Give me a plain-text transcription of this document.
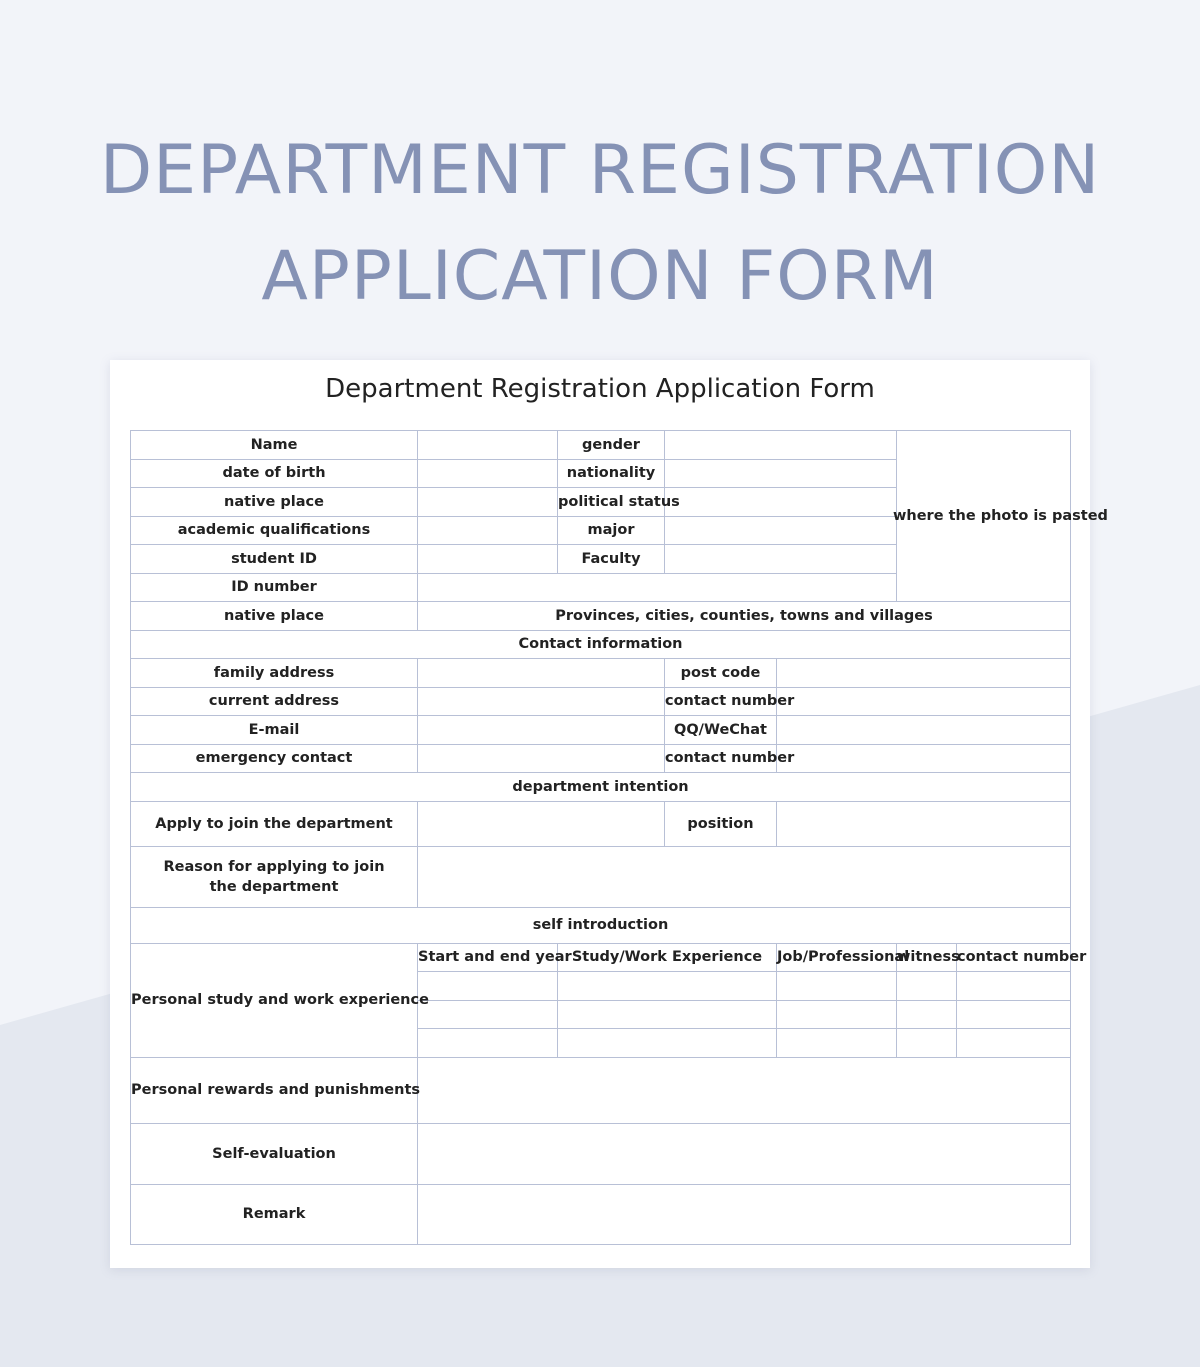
DEPARTMENT REGISTRATION
APPLICATION FORM
Department Registration Application Form
Name		gender			where the photo is pasted	

date of birth		nationality				
native place		political status				
academic qualifications		major				
student ID		Faculty				
ID number						
native place	Provinces, cities, counties, towns and villages					
Contact information						
family address			post code			
current address			contact number			
E-mail			QQ/WeChat			
emergency contact			contact number			
department intention						
Apply to join the department			position			
Reason for applying to join the department						
self introduction						
Personal study and work experience	Start and end year	Study/Work Experience		Job/Professional	witness	contact number

Personal rewards and punishments						
Self-evaluation						
Remark						
